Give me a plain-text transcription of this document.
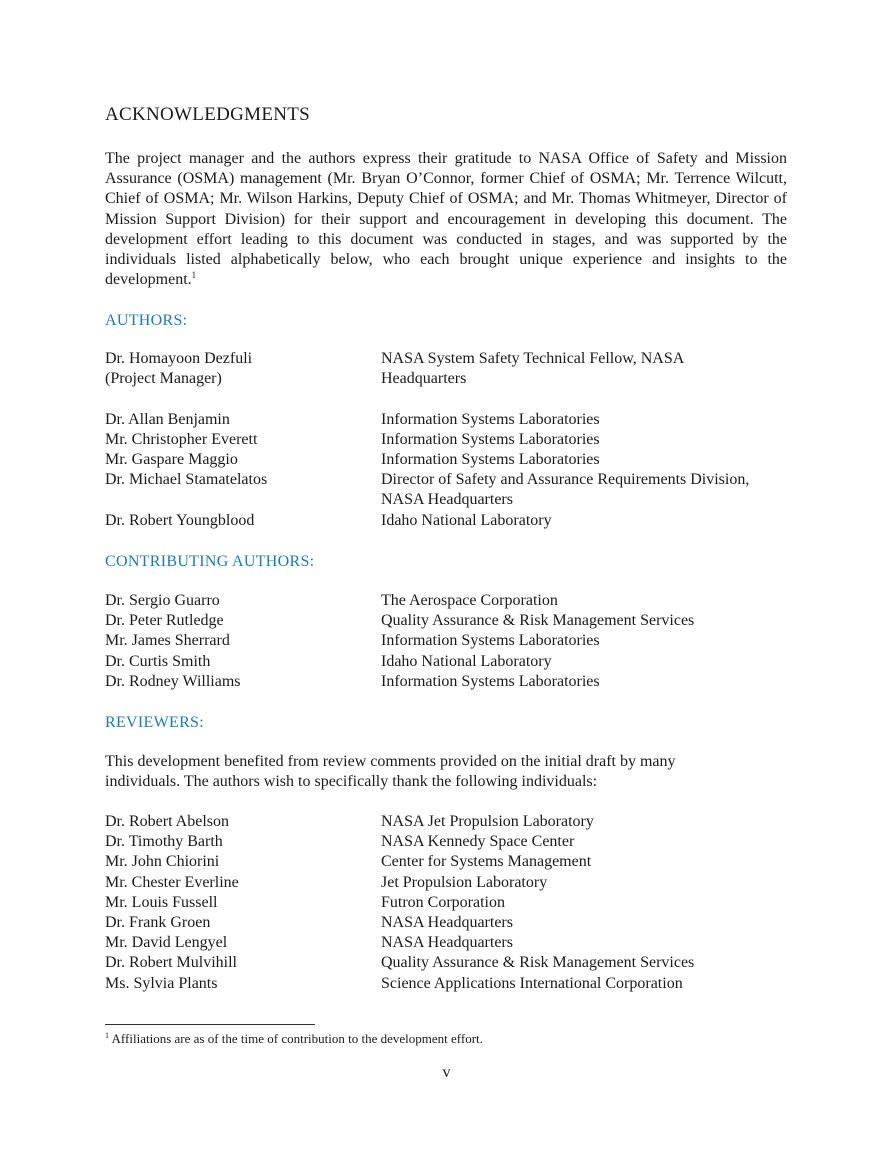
ACKNOWLEDGMENTS

The project manager and the authors express their gratitude to NASA Office of Safety and Mission Assurance (OSMA) management (Mr. Bryan O’Connor, former Chief of OSMA; Mr. Terrence Wilcutt, Chief of OSMA; Mr. Wilson Harkins, Deputy Chief of OSMA; and Mr. Thomas Whitmeyer, Director of Mission Support Division) for their support and encouragement in developing this document. The development effort leading to this document was conducted in stages, and was supported by the individuals listed alphabetically below, who each brought unique experience and insights to the development.$^1$

AUTHORS:
Dr. Homayoon Dezfuli	NASA System Safety Technical Fellow, NASA
(Project Manager)	Headquarters
Dr. Allan Benjamin	Information Systems Laboratories
Mr. Christopher Everett	Information Systems Laboratories
Mr. Gaspare Maggio	Information Systems Laboratories
Dr. Michael Stamatelatos	Director of Safety and Assurance Requirements Division,
NASA Headquarters
Dr. Robert Youngblood	Idaho National Laboratory
CONTRIBUTING AUTHORS:
Dr. Sergio Guarro	The Aerospace Corporation
Dr. Peter Rutledge	Quality Assurance & Risk Management Services
Mr. James Sherrard	Information Systems Laboratories
Dr. Curtis Smith	Idaho National Laboratory
Dr. Rodney Williams	Information Systems Laboratories
REVIEWERS:
This development benefited from review comments provided on the initial draft by many
individuals. The authors wish to specifically thank the following individuals:
Dr. Robert Abelson	NASA Jet Propulsion Laboratory
Dr. Timothy Barth	NASA Kennedy Space Center
Mr. John Chiorini	Center for Systems Management
Mr. Chester Everline	Jet Propulsion Laboratory
Mr. Louis Fussell	Futron Corporation
Dr. Frank Groen	NASA Headquarters
Mr. David Lengyel	NASA Headquarters
Dr. Robert Mulvihill	Quality Assurance & Risk Management Services
Ms. Sylvia Plants	Science Applications International Corporation

$^1$ Affiliations are as of the time of contribution to the development effort.

v
